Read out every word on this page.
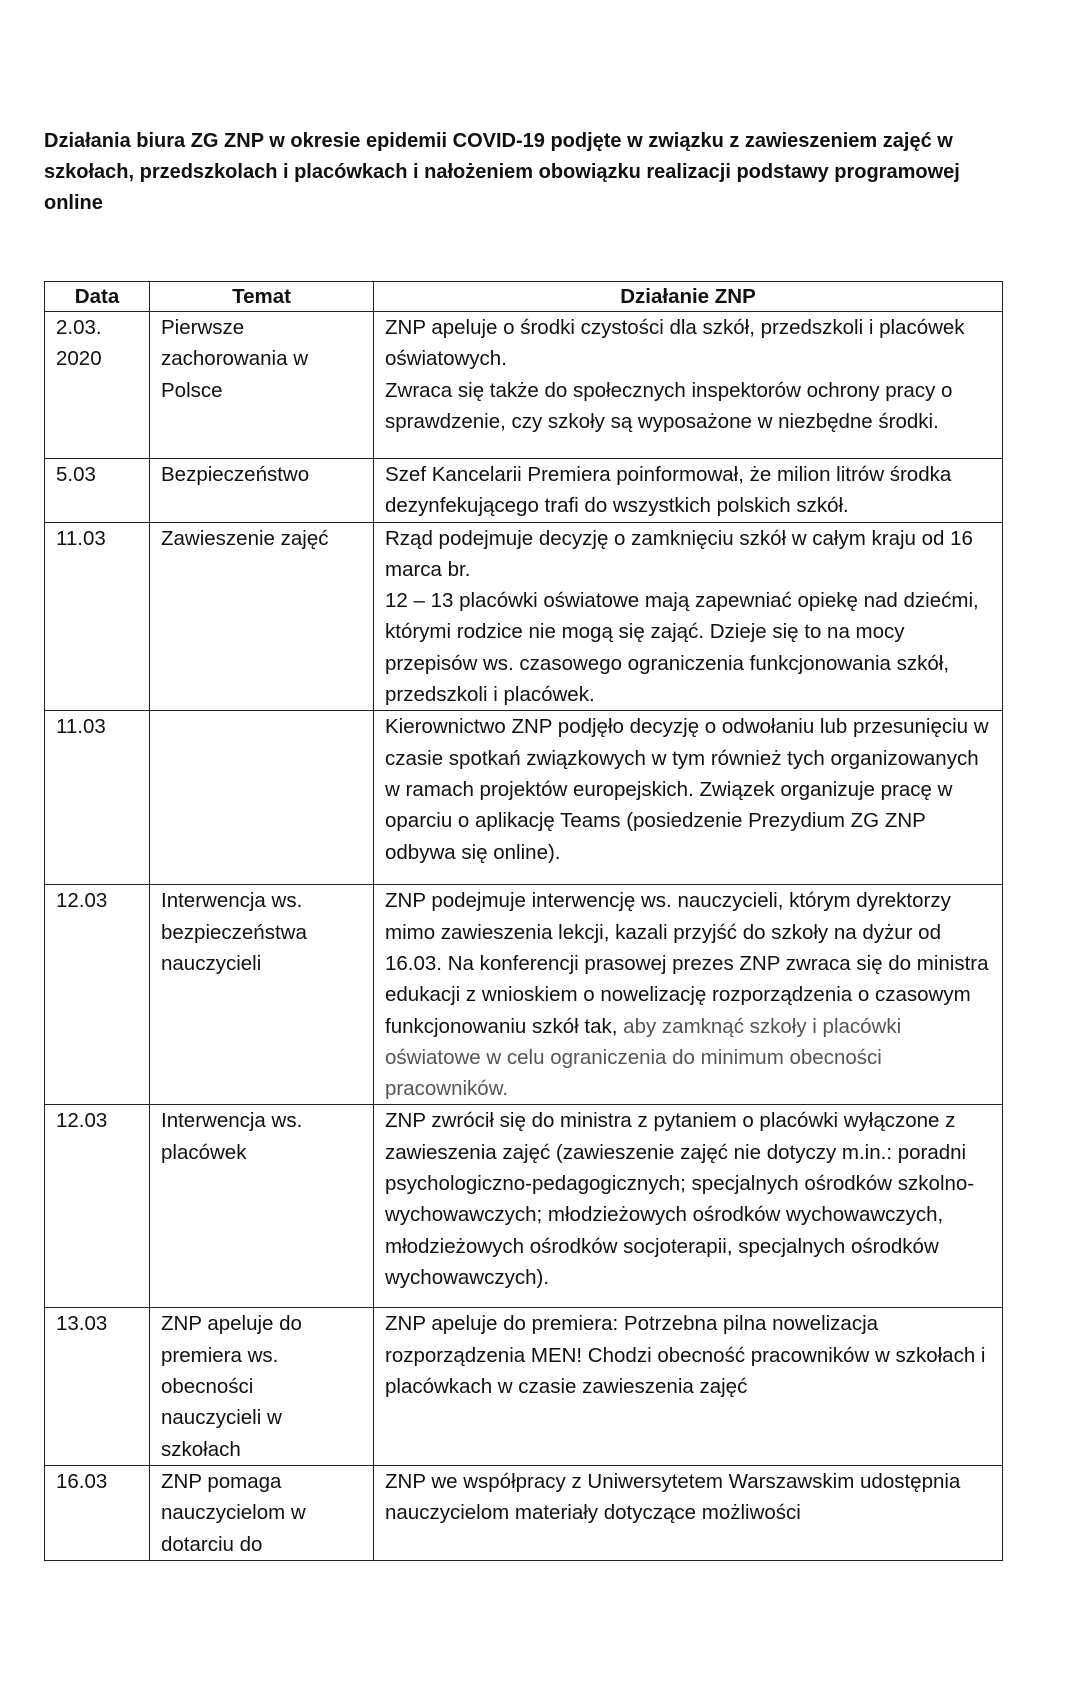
Działania biura ZG ZNP w okresie epidemii COVID-19 podjęte w związku z zawieszeniem zajęć w szkołach, przedszkolach i placówkach i nałożeniem obowiązku realizacji podstawy programowej online
Data	Temat	Działanie ZNP

2.03. 2020	Pierwsze zachorowania w Polsce	ZNP apeluje o środki czystości dla szkół, przedszkoli i placówek oświatowych.
Zwraca się także do społecznych inspektorów ochrony pracy o sprawdzenie, czy szkoły są wyposażone w niezbędne środki.

5.03	Bezpieczeństwo	Szef Kancelarii Premiera poinformował, że milion litrów środka dezynfekującego trafi do wszystkich polskich szkół.

11.03	Zawieszenie zajęć	Rząd podejmuje decyzję o zamknięciu szkół w całym kraju od 16 marca br.
12 – 13 placówki oświatowe mają zapewniać opiekę nad dziećmi, którymi rodzice nie mogą się zająć. Dzieje się to na mocy przepisów ws. czasowego ograniczenia funkcjonowania szkół, przedszkoli i placówek.

11.03		Kierownictwo ZNP podjęło decyzję o odwołaniu lub przesunięciu w czasie spotkań związkowych w tym również tych organizowanych w ramach projektów europejskich. Związek organizuje pracę w oparciu o aplikację Teams (posiedzenie Prezydium ZG ZNP odbywa się online).

12.03	Interwencja ws. bezpieczeństwa nauczycieli	ZNP podejmuje interwencję ws. nauczycieli, którym dyrektorzy mimo zawieszenia lekcji, kazali przyjść do szkoły na dyżur od 16.03. Na konferencji prasowej prezes ZNP zwraca się do ministra edukacji z wnioskiem o nowelizację rozporządzenia o czasowym funkcjonowaniu szkół tak, aby zamknąć szkoły i placówki oświatowe w celu ograniczenia do minimum obecności pracowników.

12.03	Interwencja ws. placówek	ZNP zwrócił się do ministra z pytaniem o placówki wyłączone z zawieszenia zajęć (zawieszenie zajęć nie dotyczy m.in.: poradni psychologiczno-pedagogicznych; specjalnych ośrodków szkolno-wychowawczych; młodzieżowych ośrodków wychowawczych, młodzieżowych ośrodków socjoterapii, specjalnych ośrodków wychowawczych).

13.03	ZNP apeluje do premiera ws. obecności nauczycieli w szkołach	ZNP apeluje do premiera: Potrzebna pilna nowelizacja rozporządzenia MEN! Chodzi obecność pracowników w szkołach i placówkach w czasie zawieszenia zajęć

16.03	ZNP pomaga nauczycielom w dotarciu do	ZNP we współpracy z Uniwersytetem Warszawskim udostępnia nauczycielom materiały dotyczące możliwości
